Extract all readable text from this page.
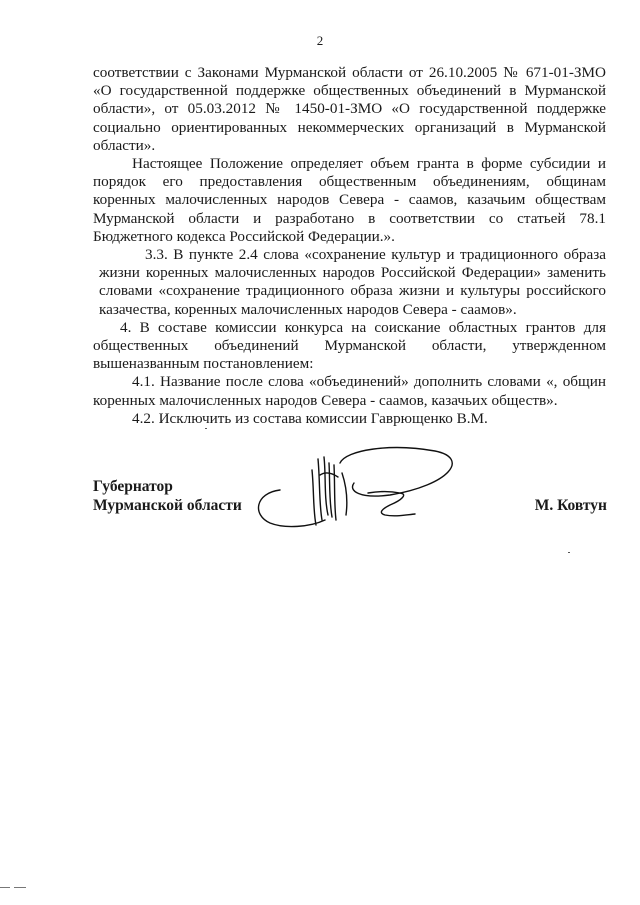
2

соответствии с Законами Мурманской области от 26.10.2005 № 671-01-ЗМО «О государственной поддержке общественных объединений в Мурманской области», от 05.03.2012 № 1450-01-ЗМО «О государственной поддержке социально ориентированных некоммерческих организаций в Мурманской области».

Настоящее Положение определяет объем гранта в форме субсидии и порядок его предоставления общественным объединениям, общинам коренных малочисленных народов Севера - саамов, казачьим обществам Мурманской области и разработано в соответствии со статьей 78.1 Бюджетного кодекса Российской Федерации.».

3.3. В пункте 2.4 слова «сохранение культур и традиционного образа жизни коренных малочисленных народов Российской Федерации» заменить словами «сохранение традиционного образа жизни и культуры российского казачества, коренных малочисленных народов Севера - саамов».

4. В составе комиссии конкурса на соискание областных грантов для общественных объединений Мурманской области, утвержденном вышеназванным постановлением:

4.1. Название после слова «объединений» дополнить словами «, общин коренных малочисленных народов Севера - саамов, казачьих обществ».

4.2. Исключить из состава комиссии Гаврющенко В.М.

Губернатор
Мурманской области	М. Ковтун
